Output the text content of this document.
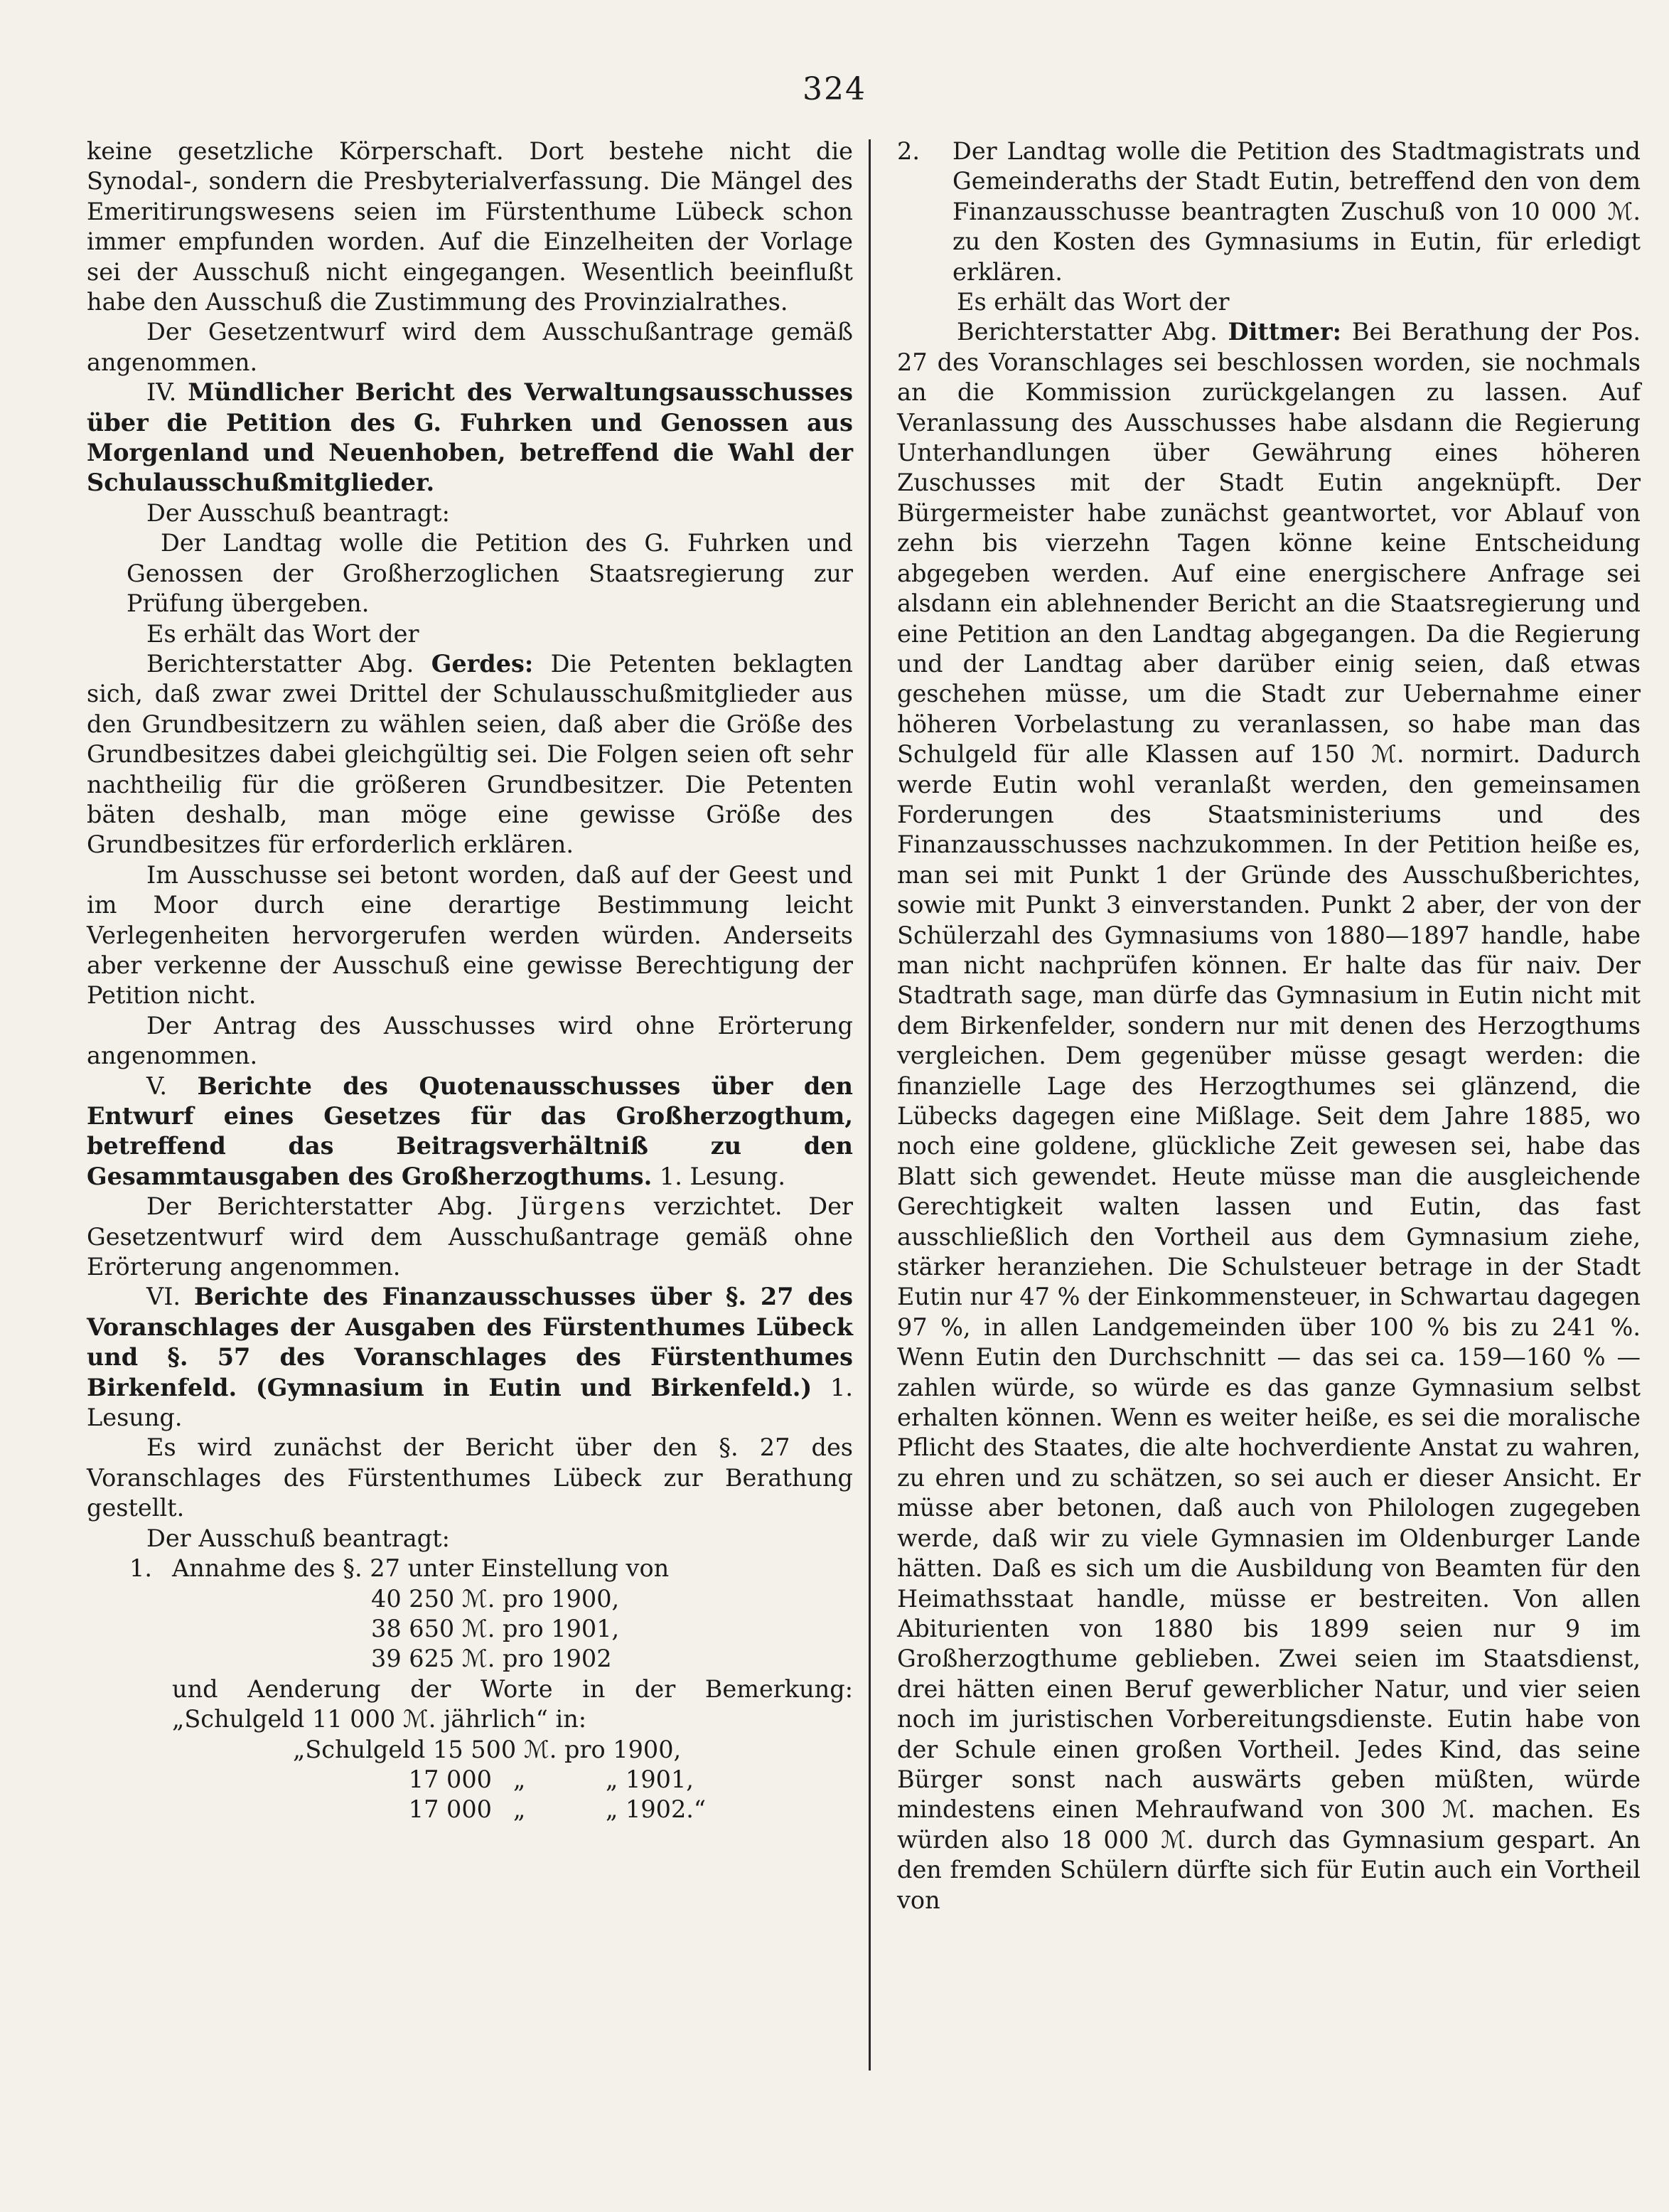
324

keine gesetzliche Körperschaft. Dort bestehe nicht die Synodal-, sondern die Presbyterialverfassung. Die Mängel des Emeritirungswesens seien im Fürstenthume Lübeck schon immer empfunden worden. Auf die Einzelheiten der Vorlage sei der Ausschuß nicht eingegangen. Wesentlich beeinflußt habe den Ausschuß die Zustimmung des Provinzialrathes.

Der Gesetzentwurf wird dem Ausschußantrage gemäß angenommen.

IV. Mündlicher Bericht des Verwaltungsausschusses über die Petition des G. Fuhrken und Genossen aus Morgenland und Neuenhoben, betreffend die Wahl der Schulausschußmitglieder.

Der Ausschuß beantragt:

Der Landtag wolle die Petition des G. Fuhrken und Genossen der Großherzoglichen Staatsregierung zur Prüfung übergeben.

Es erhält das Wort der

Berichterstatter Abg. Gerdes: Die Petenten beklagten sich, daß zwar zwei Drittel der Schulausschußmitglieder aus den Grundbesitzern zu wählen seien, daß aber die Größe des Grundbesitzes dabei gleichgültig sei. Die Folgen seien oft sehr nachtheilig für die größeren Grundbesitzer. Die Petenten bäten deshalb, man möge eine gewisse Größe des Grundbesitzes für erforderlich erklären.

Im Ausschusse sei betont worden, daß auf der Geest und im Moor durch eine derartige Bestimmung leicht Verlegenheiten hervorgerufen werden würden. Anderseits aber verkenne der Ausschuß eine gewisse Berechtigung der Petition nicht.

Der Antrag des Ausschusses wird ohne Erörterung angenommen.

V. Berichte des Quotenausschusses über den Entwurf eines Gesetzes für das Großherzogthum, betreffend das Beitragsverhältniß zu den Gesammtausgaben des Großherzogthums. 1. Lesung.

Der Berichterstatter Abg. Jürgens verzichtet. Der Gesetzentwurf wird dem Ausschußantrage gemäß ohne Erörterung angenommen.

VI. Berichte des Finanzausschusses über §. 27 des Voranschlages der Ausgaben des Fürstenthumes Lübeck und §. 57 des Voranschlages des Fürstenthumes Birkenfeld. (Gymnasium in Eutin und Birkenfeld.) 1. Lesung.

Es wird zunächst der Bericht über den §. 27 des Voranschlages des Fürstenthumes Lübeck zur Berathung gestellt.

Der Ausschuß beantragt:

1. Annahme des §. 27 unter Einstellung von

40 250 ℳ. pro 1900,

38 650 ℳ. pro 1901,

39 625 ℳ. pro 1902

und Aenderung der Worte in der Bemerkung: „Schulgeld 11 000 ℳ. jährlich“ in:

„Schulgeld 15 500 ℳ. pro 1900,

17 000 „	„ 1901,
17 000 „	„ 1902.“
2.	Der Landtag wolle die Petition des Stadtmagistrats und Gemeinderaths der Stadt Eutin, betreffend den von dem Finanzausschusse beantragten Zuschuß von 10 000 ℳ. zu den Kosten des Gymnasiums in Eutin, für erledigt erklären.

Es erhält das Wort der

Berichterstatter Abg. Dittmer: Bei Berathung der Pos. 27 des Voranschlages sei beschlossen worden, sie nochmals an die Kommission zurückgelangen zu lassen. Auf Veranlassung des Ausschusses habe alsdann die Regierung Unterhandlungen über Gewährung eines höheren Zuschusses mit der Stadt Eutin angeknüpft. Der Bürgermeister habe zunächst geantwortet, vor Ablauf von zehn bis vierzehn Tagen könne keine Entscheidung abgegeben werden. Auf eine energischere Anfrage sei alsdann ein ablehnender Bericht an die Staatsregierung und eine Petition an den Landtag abgegangen. Da die Regierung und der Landtag aber darüber einig seien, daß etwas geschehen müsse, um die Stadt zur Uebernahme einer höheren Vorbelastung zu veranlassen, so habe man das Schulgeld für alle Klassen auf 150 ℳ. normirt. Dadurch werde Eutin wohl veranlaßt werden, den gemeinsamen Forderungen des Staatsministeriums und des Finanzausschusses nachzukommen. In der Petition heiße es, man sei mit Punkt 1 der Gründe des Ausschußberichtes, sowie mit Punkt 3 einverstanden. Punkt 2 aber, der von der Schülerzahl des Gymnasiums von 1880—1897 handle, habe man nicht nachprüfen können. Er halte das für naiv. Der Stadtrath sage, man dürfe das Gymnasium in Eutin nicht mit dem Birkenfelder, sondern nur mit denen des Herzogthums vergleichen. Dem gegenüber müsse gesagt werden: die finanzielle Lage des Herzogthumes sei glänzend, die Lübecks dagegen eine Mißlage. Seit dem Jahre 1885, wo noch eine goldene, glückliche Zeit gewesen sei, habe das Blatt sich gewendet. Heute müsse man die ausgleichende Gerechtigkeit walten lassen und Eutin, das fast ausschließlich den Vortheil aus dem Gymnasium ziehe, stärker heranziehen. Die Schulsteuer betrage in der Stadt Eutin nur 47 % der Einkommensteuer, in Schwartau dagegen 97 %, in allen Landgemeinden über 100 % bis zu 241 %. Wenn Eutin den Durchschnitt — das sei ca. 159—160 % — zahlen würde, so würde es das ganze Gymnasium selbst erhalten können. Wenn es weiter heiße, es sei die moralische Pflicht des Staates, die alte hochverdiente Anstat zu wahren, zu ehren und zu schätzen, so sei auch er dieser Ansicht. Er müsse aber betonen, daß auch von Philologen zugegeben werde, daß wir zu viele Gymnasien im Oldenburger Lande hätten. Daß es sich um die Ausbildung von Beamten für den Heimathsstaat handle, müsse er bestreiten. Von allen Abiturienten von 1880 bis 1899 seien nur 9 im Großherzogthume geblieben. Zwei seien im Staatsdienst, drei hätten einen Beruf gewerblicher Natur, und vier seien noch im juristischen Vorbereitungsdienste. Eutin habe von der Schule einen großen Vortheil. Jedes Kind, das seine Bürger sonst nach auswärts geben müßten, würde mindestens einen Mehraufwand von 300 ℳ. machen. Es würden also 18 000 ℳ. durch das Gymnasium gespart. An den fremden Schülern dürfte sich für Eutin auch ein Vortheil von
